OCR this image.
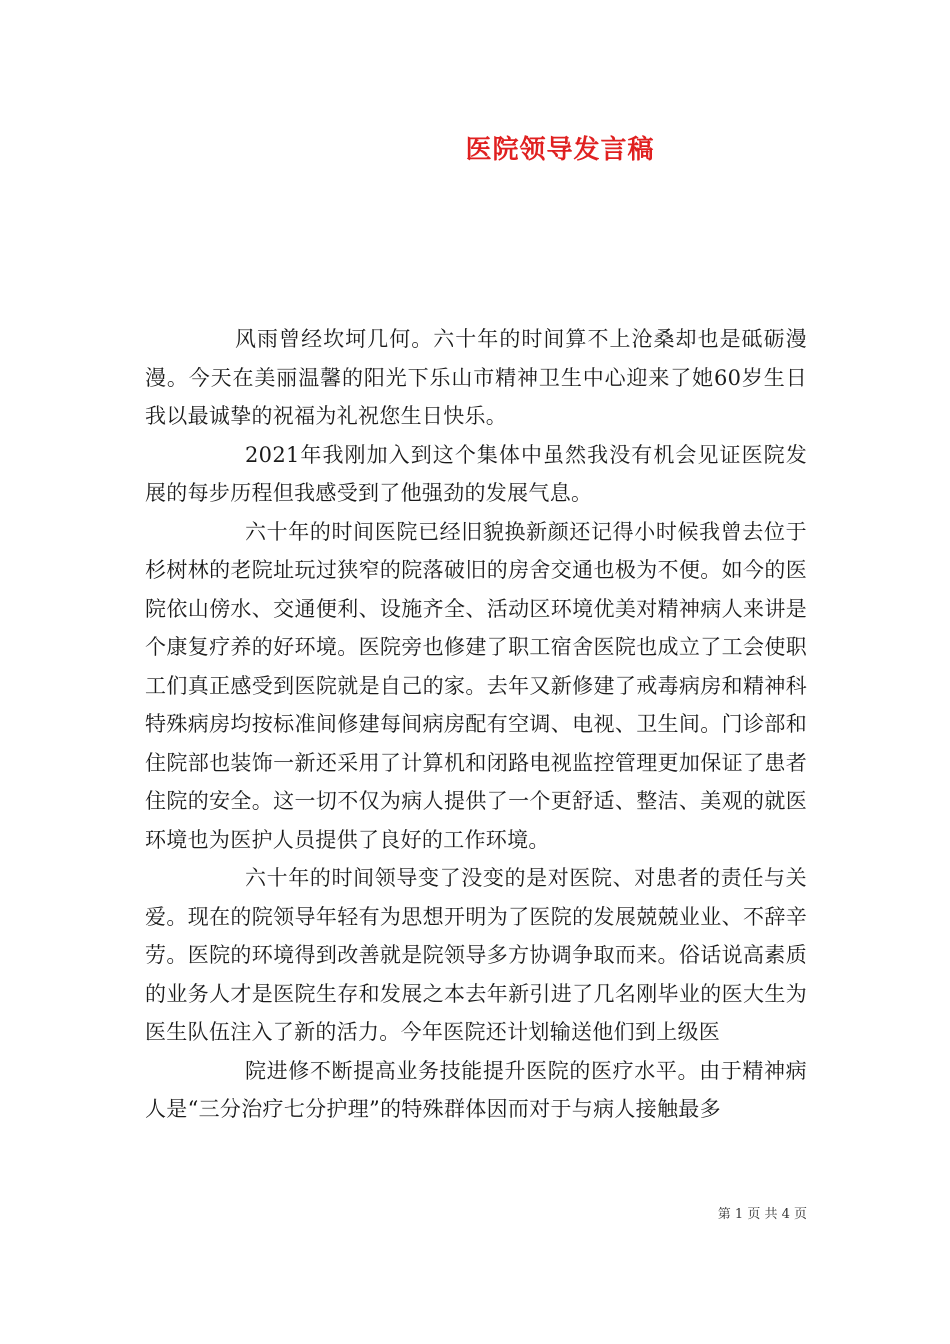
医院领导发言稿

风雨曾经坎坷几何。六十年的时间算不上沧桑却也是砥砺漫漫。今天在美丽温馨的阳光下乐山市精神卫生中心迎来了她60岁生日我以最诚挚的祝福为礼祝您生日快乐。

2021年我刚加入到这个集体中虽然我没有机会见证医院发展的每步历程但我感受到了他强劲的发展气息。

六十年的时间医院已经旧貌换新颜还记得小时候我曾去位于杉树林的老院址玩过狭窄的院落破旧的房舍交通也极为不便。如今的医院依山傍水、交通便利、设施齐全、活动区环境优美对精神病人来讲是个康复疗养的好环境。医院旁也修建了职工宿舍医院也成立了工会使职工们真正感受到医院就是自己的家。去年又新修建了戒毒病房和精神科特殊病房均按标准间修建每间病房配有空调、电视、卫生间。门诊部和住院部也装饰一新还采用了计算机和闭路电视监控管理更加保证了患者住院的安全。这一切不仅为病人提供了一个更舒适、整洁、美观的就医环境也为医护人员提供了良好的工作环境。

六十年的时间领导变了没变的是对医院、对患者的责任与关爱。现在的院领导年轻有为思想开明为了医院的发展兢兢业业、不辞辛劳。医院的环境得到改善就是院领导多方协调争取而来。俗话说高素质的业务人才是医院生存和发展之本去年新引进了几名刚毕业的医大生为医生队伍注入了新的活力。今年医院还计划输送他们到上级医

院进修不断提高业务技能提升医院的医疗水平。由于精神病人是“三分治疗七分护理”的特殊群体因而对于与病人接触最多

第 1 页 共 4 页
